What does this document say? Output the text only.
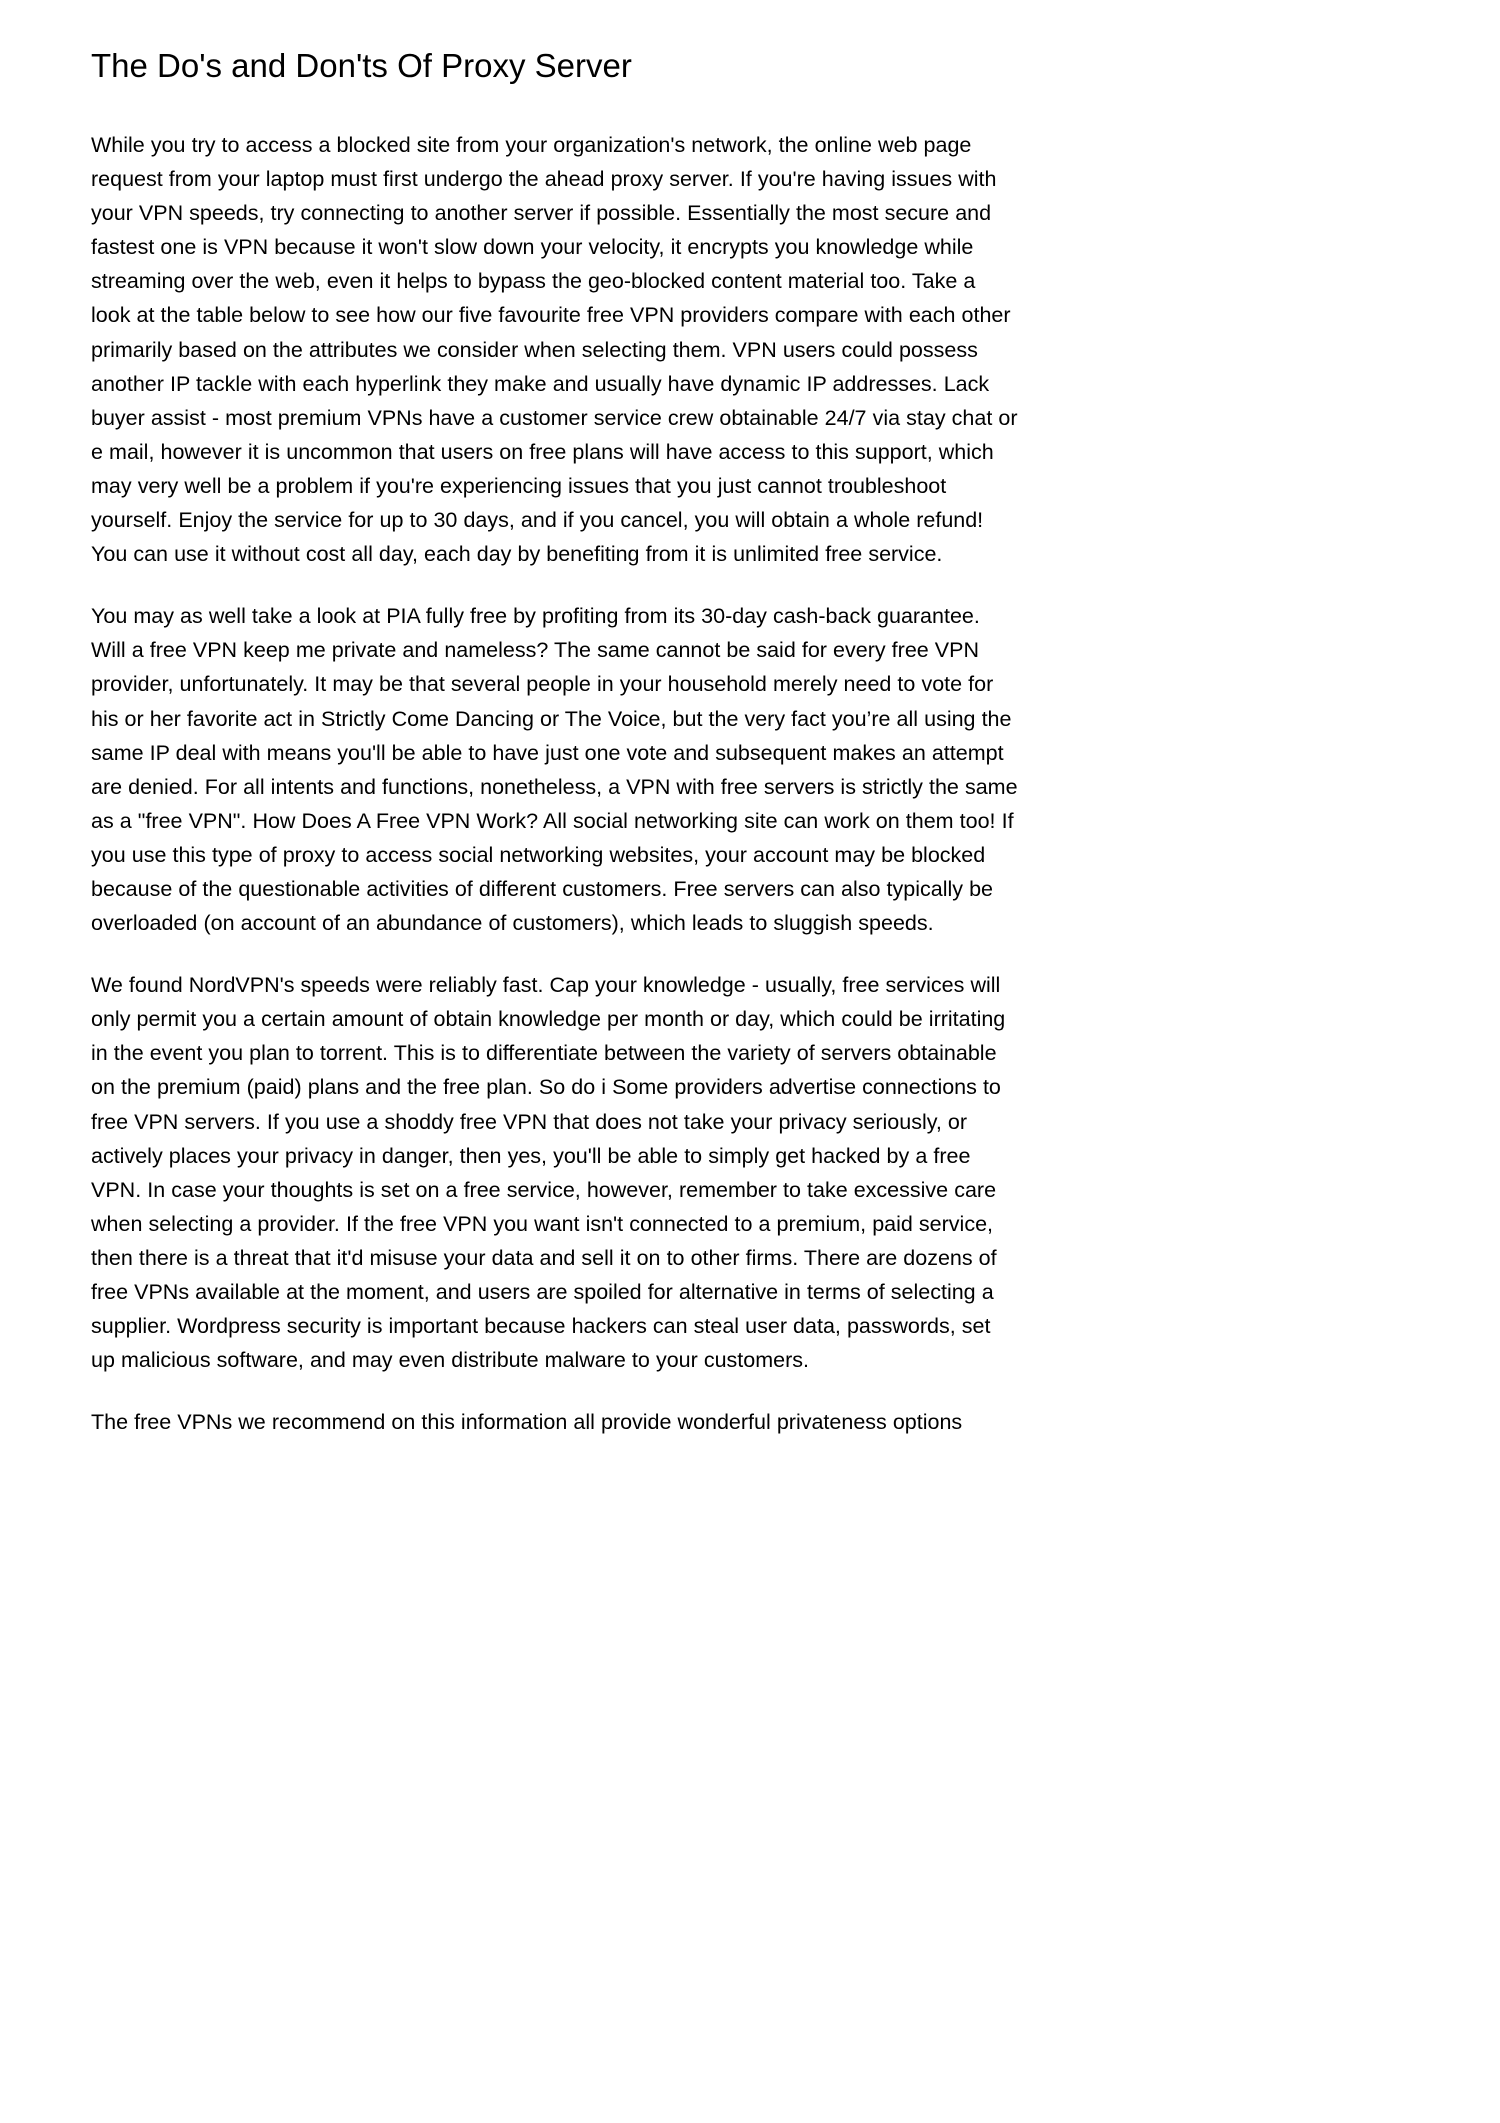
The Do's and Don'ts Of Proxy Server

While you try to access a blocked site from your organization's network, the online web page request from your laptop must first undergo the ahead proxy server. If you're having issues with your VPN speeds, try connecting to another server if possible. Essentially the most secure and fastest one is VPN because it won't slow down your velocity, it encrypts you knowledge while streaming over the web, even it helps to bypass the geo-blocked content material too. Take a look at the table below to see how our five favourite free VPN providers compare with each other primarily based on the attributes we consider when selecting them. VPN users could possess another IP tackle with each hyperlink they make and usually have dynamic IP addresses. Lack buyer assist - most premium VPNs have a customer service crew obtainable 24/7 via stay chat or e mail, however it is uncommon that users on free plans will have access to this support, which may very well be a problem if you're experiencing issues that you just cannot troubleshoot yourself. Enjoy the service for up to 30 days, and if you cancel, you will obtain a whole refund! You can use it without cost all day, each day by benefiting from it is unlimited free service.

You may as well take a look at PIA fully free by profiting from its 30-day cash-back guarantee. Will a free VPN keep me private and nameless? The same cannot be said for every free VPN provider, unfortunately. It may be that several people in your household merely need to vote for his or her favorite act in Strictly Come Dancing or The Voice, but the very fact you’re all using the same IP deal with means you'll be able to have just one vote and subsequent makes an attempt are denied. For all intents and functions, nonetheless, a VPN with free servers is strictly the same as a "free VPN". How Does A Free VPN Work? All social networking site can work on them too! If you use this type of proxy to access social networking websites, your account may be blocked because of the questionable activities of different customers. Free servers can also typically be overloaded (on account of an abundance of customers), which leads to sluggish speeds.

We found NordVPN's speeds were reliably fast. Cap your knowledge - usually, free services will only permit you a certain amount of obtain knowledge per month or day, which could be irritating in the event you plan to torrent. This is to differentiate between the variety of servers obtainable on the premium (paid) plans and the free plan. So do i Some providers advertise connections to free VPN servers. If you use a shoddy free VPN that does not take your privacy seriously, or actively places your privacy in danger, then yes, you'll be able to simply get hacked by a free VPN. In case your thoughts is set on a free service, however, remember to take excessive care when selecting a provider. If the free VPN you want isn't connected to a premium, paid service, then there is a threat that it'd misuse your data and sell it on to other firms. There are dozens of free VPNs available at the moment, and users are spoiled for alternative in terms of selecting a supplier. Wordpress security is important because hackers can steal user data, passwords, set up malicious software, and may even distribute malware to your customers.

The free VPNs we recommend on this information all provide wonderful privateness options
